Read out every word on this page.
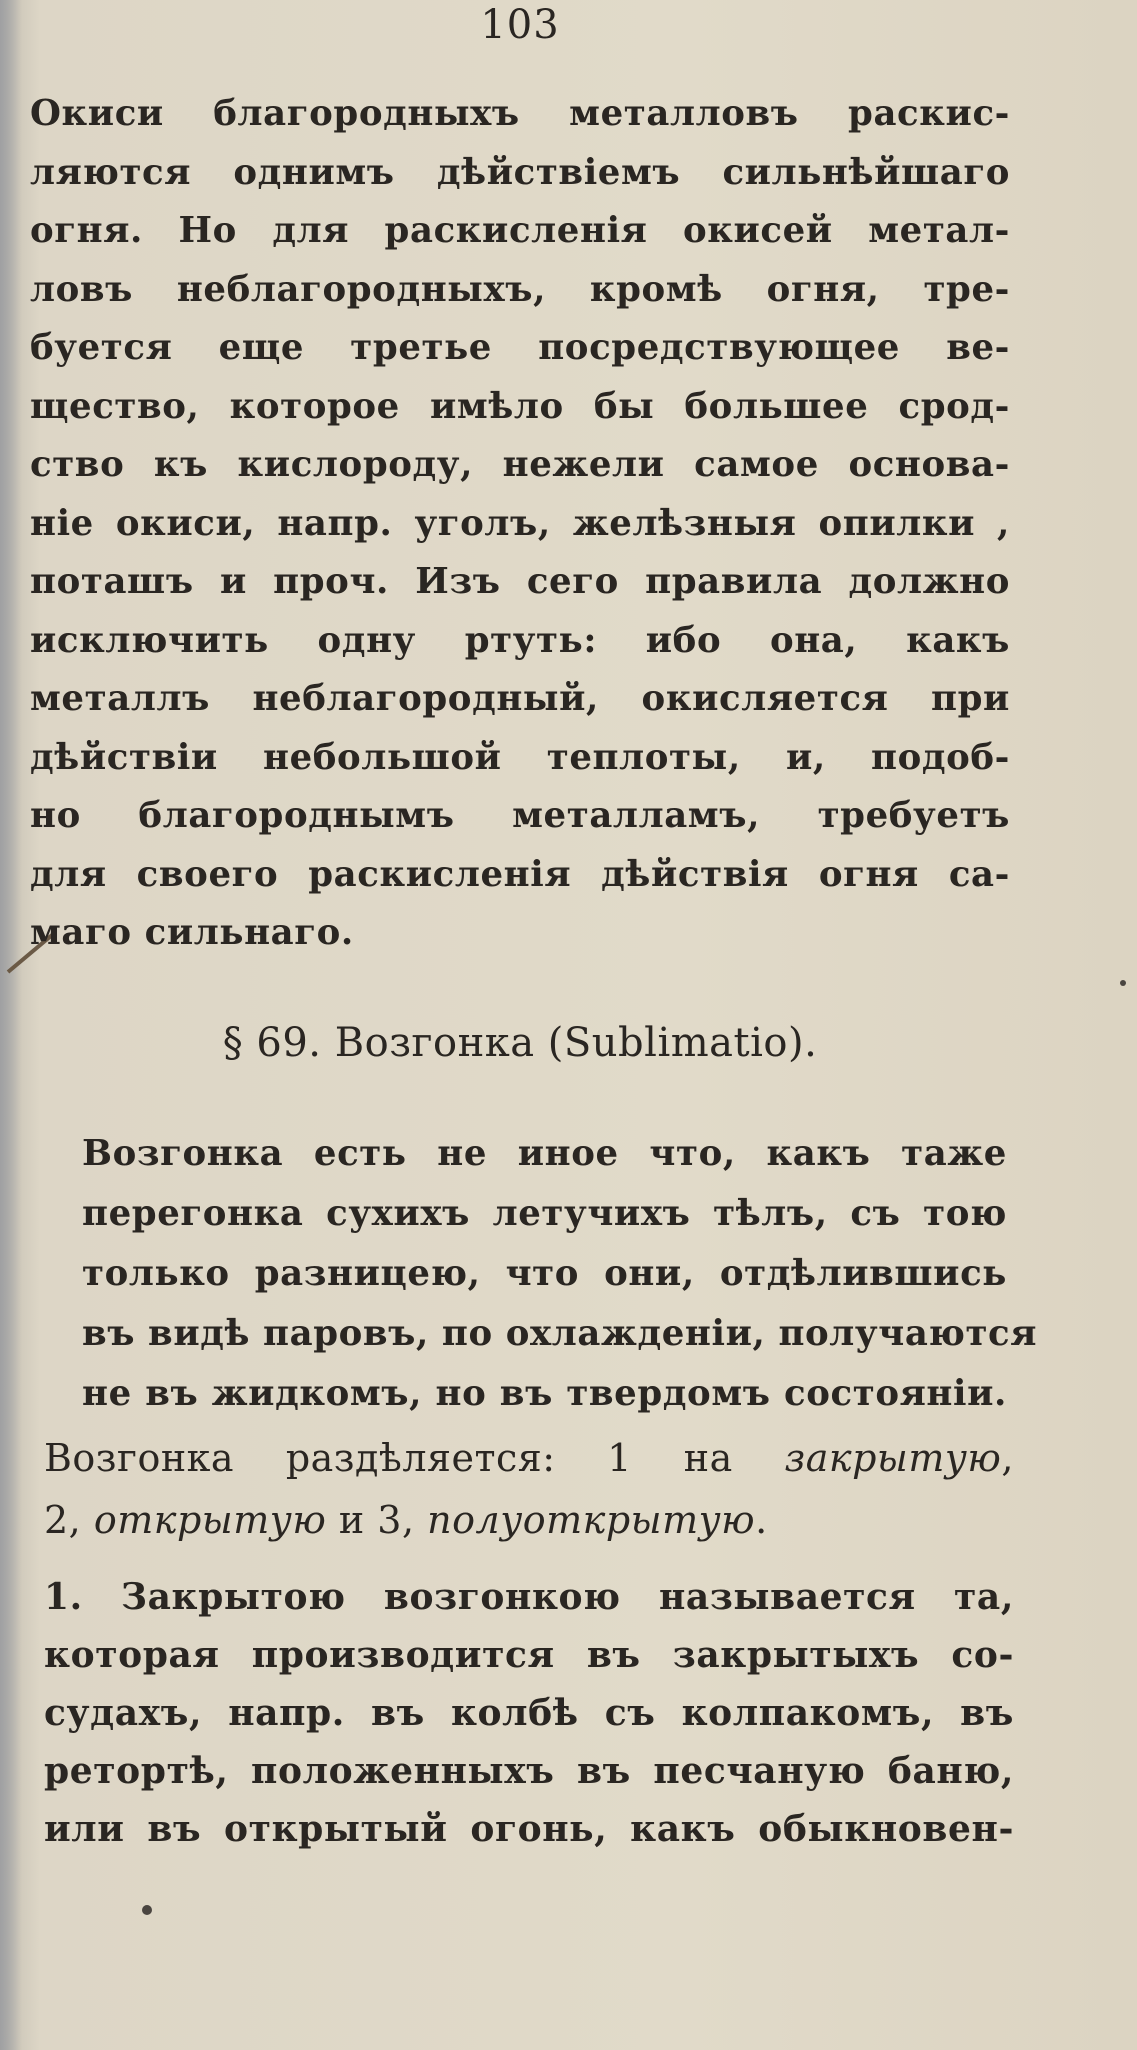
103
Окиси благородныхъ металловъ раскис-
ляются однимъ дѣйствіемъ сильнѣйшаго
огня. Но для раскисленія окисей метал-
ловъ неблагородныхъ, кромѣ огня, тре-
буется еще третье посредствующее ве-
щество, которое имѣло бы большее срод-
ство къ кислороду, нежели самое основа-
ніе окиси, напр. уголъ, желѣзныя опилки ,
поташъ и проч. Изъ сего правила должно
исключить одну ртуть: ибо она, какъ
металлъ неблагородный, окисляется при
дѣйствіи небольшой теплоты, и, подоб-
но благороднымъ металламъ, требуетъ
для своего раскисленія дѣйствія огня са-
маго сильнаго.
§ 69. Возгонка (Sublimatio).
Возгонка есть не иное что, какъ таже
перегонка сухихъ летучихъ тѣлъ, съ тою
только разницею, что они, отдѣлившись
въ видѣ паровъ, по охлажденіи, получаются
не въ жидкомъ, но въ твердомъ состояніи.
Возгонка раздѣляется: 1 на закрытую,
2, открытую и 3, полуоткрытую.
1. Закрытою возгонкою называется та,
которая производится въ закрытыхъ со-
судахъ, напр. въ колбѣ съ колпакомъ, въ
ретортѣ, положенныхъ въ песчаную баню,
или въ открытый огонь, какъ обыкновен-
